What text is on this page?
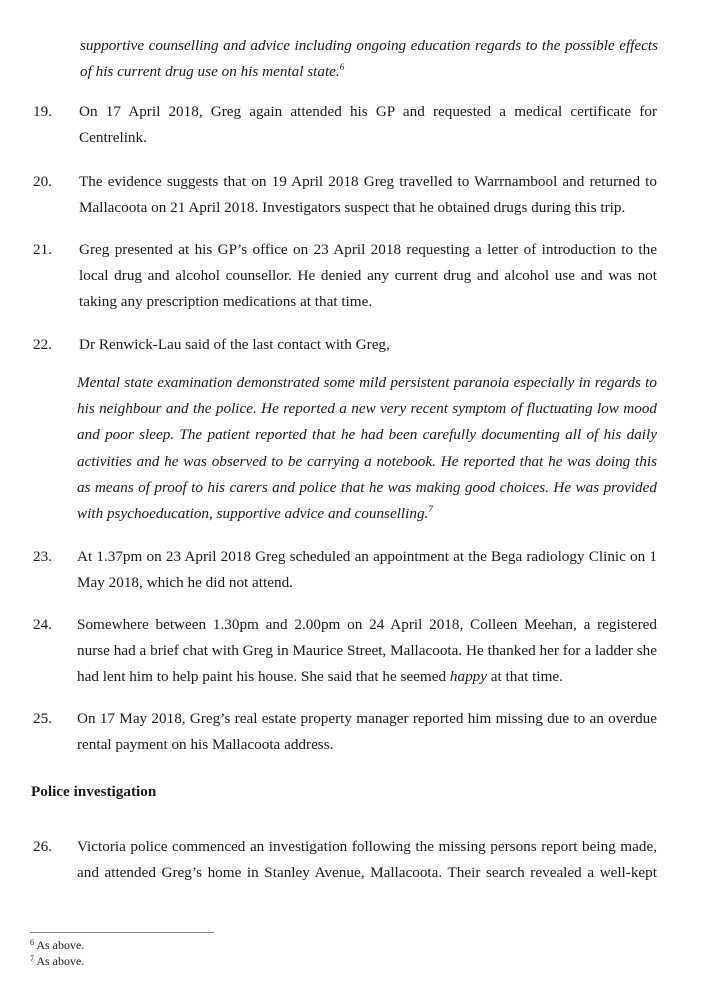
supportive counselling and advice including ongoing education regards to the possible effects of his current drug use on his mental state.$^6$
19. On 17 April 2018, Greg again attended his GP and requested a medical certificate for Centrelink.
20. The evidence suggests that on 19 April 2018 Greg travelled to Warrnambool and returned to Mallacoota on 21 April 2018. Investigators suspect that he obtained drugs during this trip.
21. Greg presented at his GP’s office on 23 April 2018 requesting a letter of introduction to the local drug and alcohol counsellor. He denied any current drug and alcohol use and was not taking any prescription medications at that time.
22. Dr Renwick-Lau said of the last contact with Greg,
Mental state examination demonstrated some mild persistent paranoia especially in regards to his neighbour and the police. He reported a new very recent symptom of fluctuating low mood and poor sleep. The patient reported that he had been carefully documenting all of his daily activities and he was observed to be carrying a notebook. He reported that he was doing this as means of proof to his carers and police that he was making good choices. He was provided with psychoeducation, supportive advice and counselling.$^7$
23. At 1.37pm on 23 April 2018 Greg scheduled an appointment at the Bega radiology Clinic on 1 May 2018, which he did not attend.
24. Somewhere between 1.30pm and 2.00pm on 24 April 2018, Colleen Meehan, a registered nurse had a brief chat with Greg in Maurice Street, Mallacoota. He thanked her for a ladder she had lent him to help paint his house. She said that he seemed happy at that time.
25. On 17 May 2018, Greg’s real estate property manager reported him missing due to an overdue rental payment on his Mallacoota address.
Police investigation
26. Victoria police commenced an investigation following the missing persons report being made, and attended Greg’s home in Stanley Avenue, Mallacoota. Their search revealed a well-kept
$^6$ As above.
$^7$ As above.
